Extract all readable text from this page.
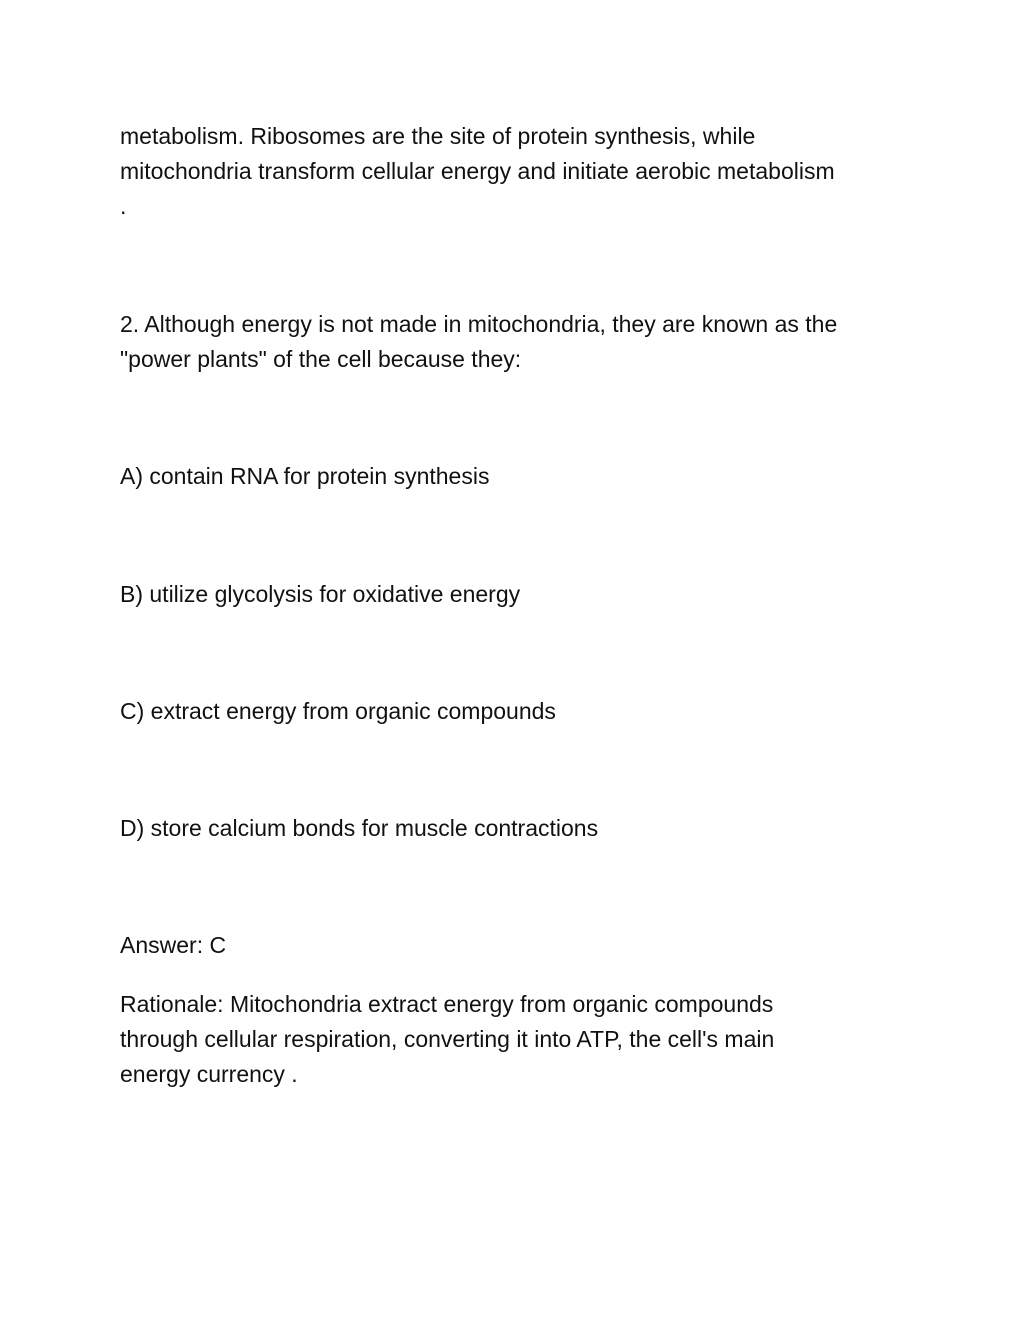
metabolism. Ribosomes are the site of protein synthesis, while
mitochondria transform cellular energy and initiate aerobic metabolism
.
2. Although energy is not made in mitochondria, they are known as the
"power plants" of the cell because they:
A) contain RNA for protein synthesis
B) utilize glycolysis for oxidative energy
C) extract energy from organic compounds
D) store calcium bonds for muscle contractions
Answer: C
Rationale: Mitochondria extract energy from organic compounds
through cellular respiration, converting it into ATP, the cell's main
energy currency .
